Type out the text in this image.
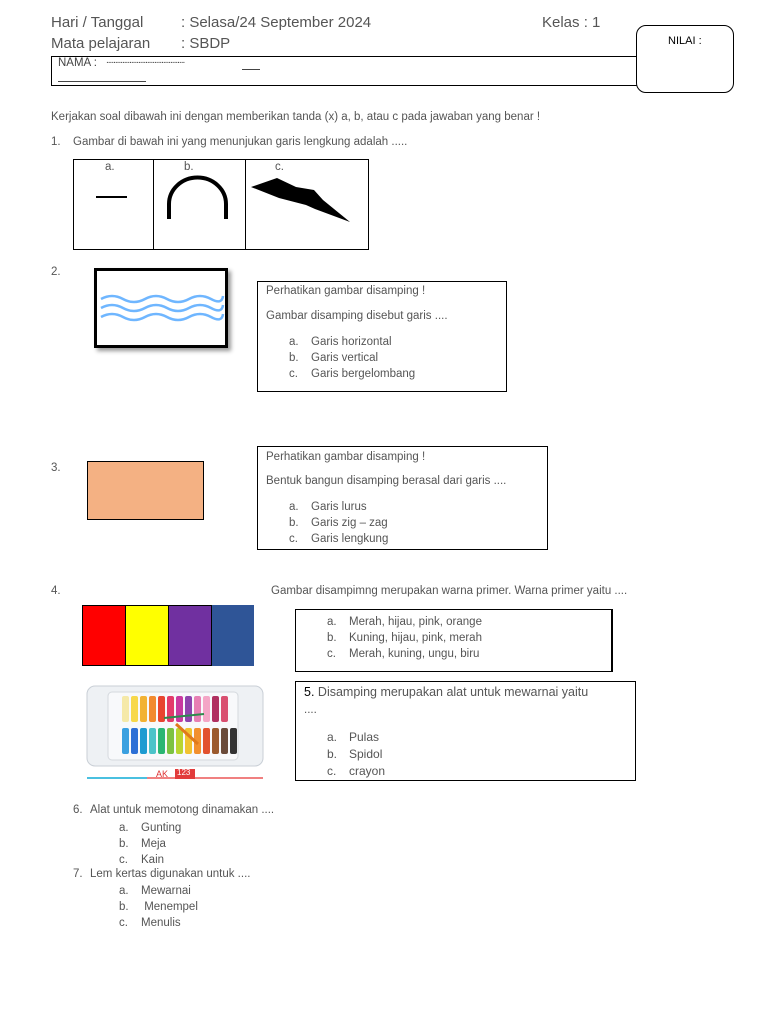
Hari / Tanggal	: Selasa/24 September 2024	Kelas : 1
Mata pelajaran : SBDP
NAMA : ............................................
NILAI :
Kerjakan soal dibawah ini dengan memberikan tanda (x) a, b, atau c pada jawaban yang benar !
1. Gambar di bawah ini yang menunjukan garis lengkung adalah .....
a.	b.	c.
2.
Perhatikan gambar disamping !
Gambar disamping disebut garis ....
a. Garis horizontal
b. Garis vertical
c. Garis bergelombang
3.
Perhatikan gambar disamping !
Bentuk bangun disamping berasal dari garis ....
a. Garis lurus
b. Garis zig – zag
c. Garis lengkung
4.	Gambar disampimng merupakan warna primer. Warna primer yaitu ....
a. Merah, hijau, pink, orange
b. Kuning, hijau, pink, merah
c. Merah, kuning, ungu, biru
AK 123
5. Disamping merupakan alat untuk mewarnai yaitu
....
a. Pulas
b. Spidol
c. crayon
6. Alat untuk memotong dinamakan ....
a. Gunting
b. Meja
c. Kain
7. Lem kertas digunakan untuk ....
a. Mewarnai
b. Menempel
c. Menulis
